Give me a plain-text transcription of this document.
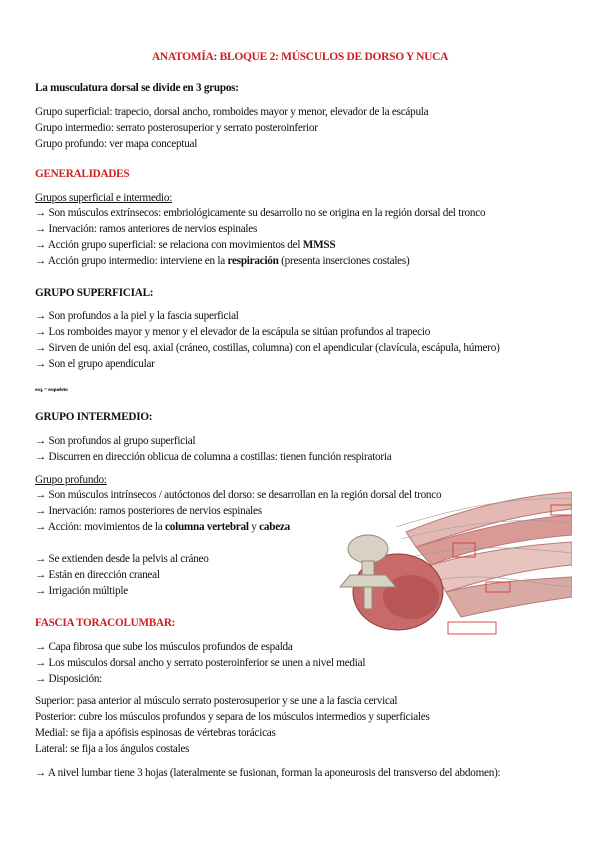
ANATOMÍA: BLOQUE 2: MÚSCULOS DE DORSO Y NUCA
La musculatura dorsal se divide en 3 grupos:
Grupo superficial: trapecio, dorsal ancho, romboides mayor y menor, elevador de la escápula
Grupo intermedio: serrato posterosuperior y serrato posteroinferior
Grupo profundo: ver mapa conceptual
GENERALIDADES
Grupos superficial e intermedio:
→ Son músculos extrínsecos: embriológicamente su desarrollo no se origina en la región dorsal del tronco
→ Inervación: ramos anteriores de nervios espinales
→ Acción grupo superficial: se relaciona con movimientos del MMSS
→ Acción grupo intermedio: interviene en la respiración (presenta inserciones costales)
GRUPO SUPERFICIAL:
→ Son profundos a la piel y la fascia superficial
→ Los romboides mayor y menor y el elevador de la escápula se sitúan profundos al trapecio
→ Sirven de unión del esq. axial (cráneo, costillas, columna) con el apendicular (clavícula, escápula, húmero)
→ Son el grupo apendicular
esq. = esqueleto
GRUPO INTERMEDIO:
→ Son profundos al grupo superficial
→ Discurren en dirección oblicua de columna a costillas: tienen función respiratoria
Grupo profundo:
→ Son músculos intrínsecos / autóctonos del dorso: se desarrollan en la región dorsal del tronco
→ Inervación: ramos posteriores de nervios espinales
→ Acción: movimientos de la columna vertebral y cabeza
→ Se extienden desde la pelvis al cráneo
→ Están en dirección craneal
→ Irrigación múltiple
FASCIA TORACOLUMBAR:
→ Capa fibrosa que sube los músculos profundos de espalda
→ Los músculos dorsal ancho y serrato posteroinferior se unen a nivel medial
→ Disposición:
Superior: pasa anterior al músculo serrato posterosuperior y se une a la fascia cervical
Posterior: cubre los músculos profundos y separa de los músculos intermedios y superficiales
Medial: se fija a apófisis espinosas de vértebras torácicas
Lateral: se fija a los ángulos costales
→ A nivel lumbar tiene 3 hojas (lateralmente se fusionan, forman la aponeurosis del transverso del abdomen):
